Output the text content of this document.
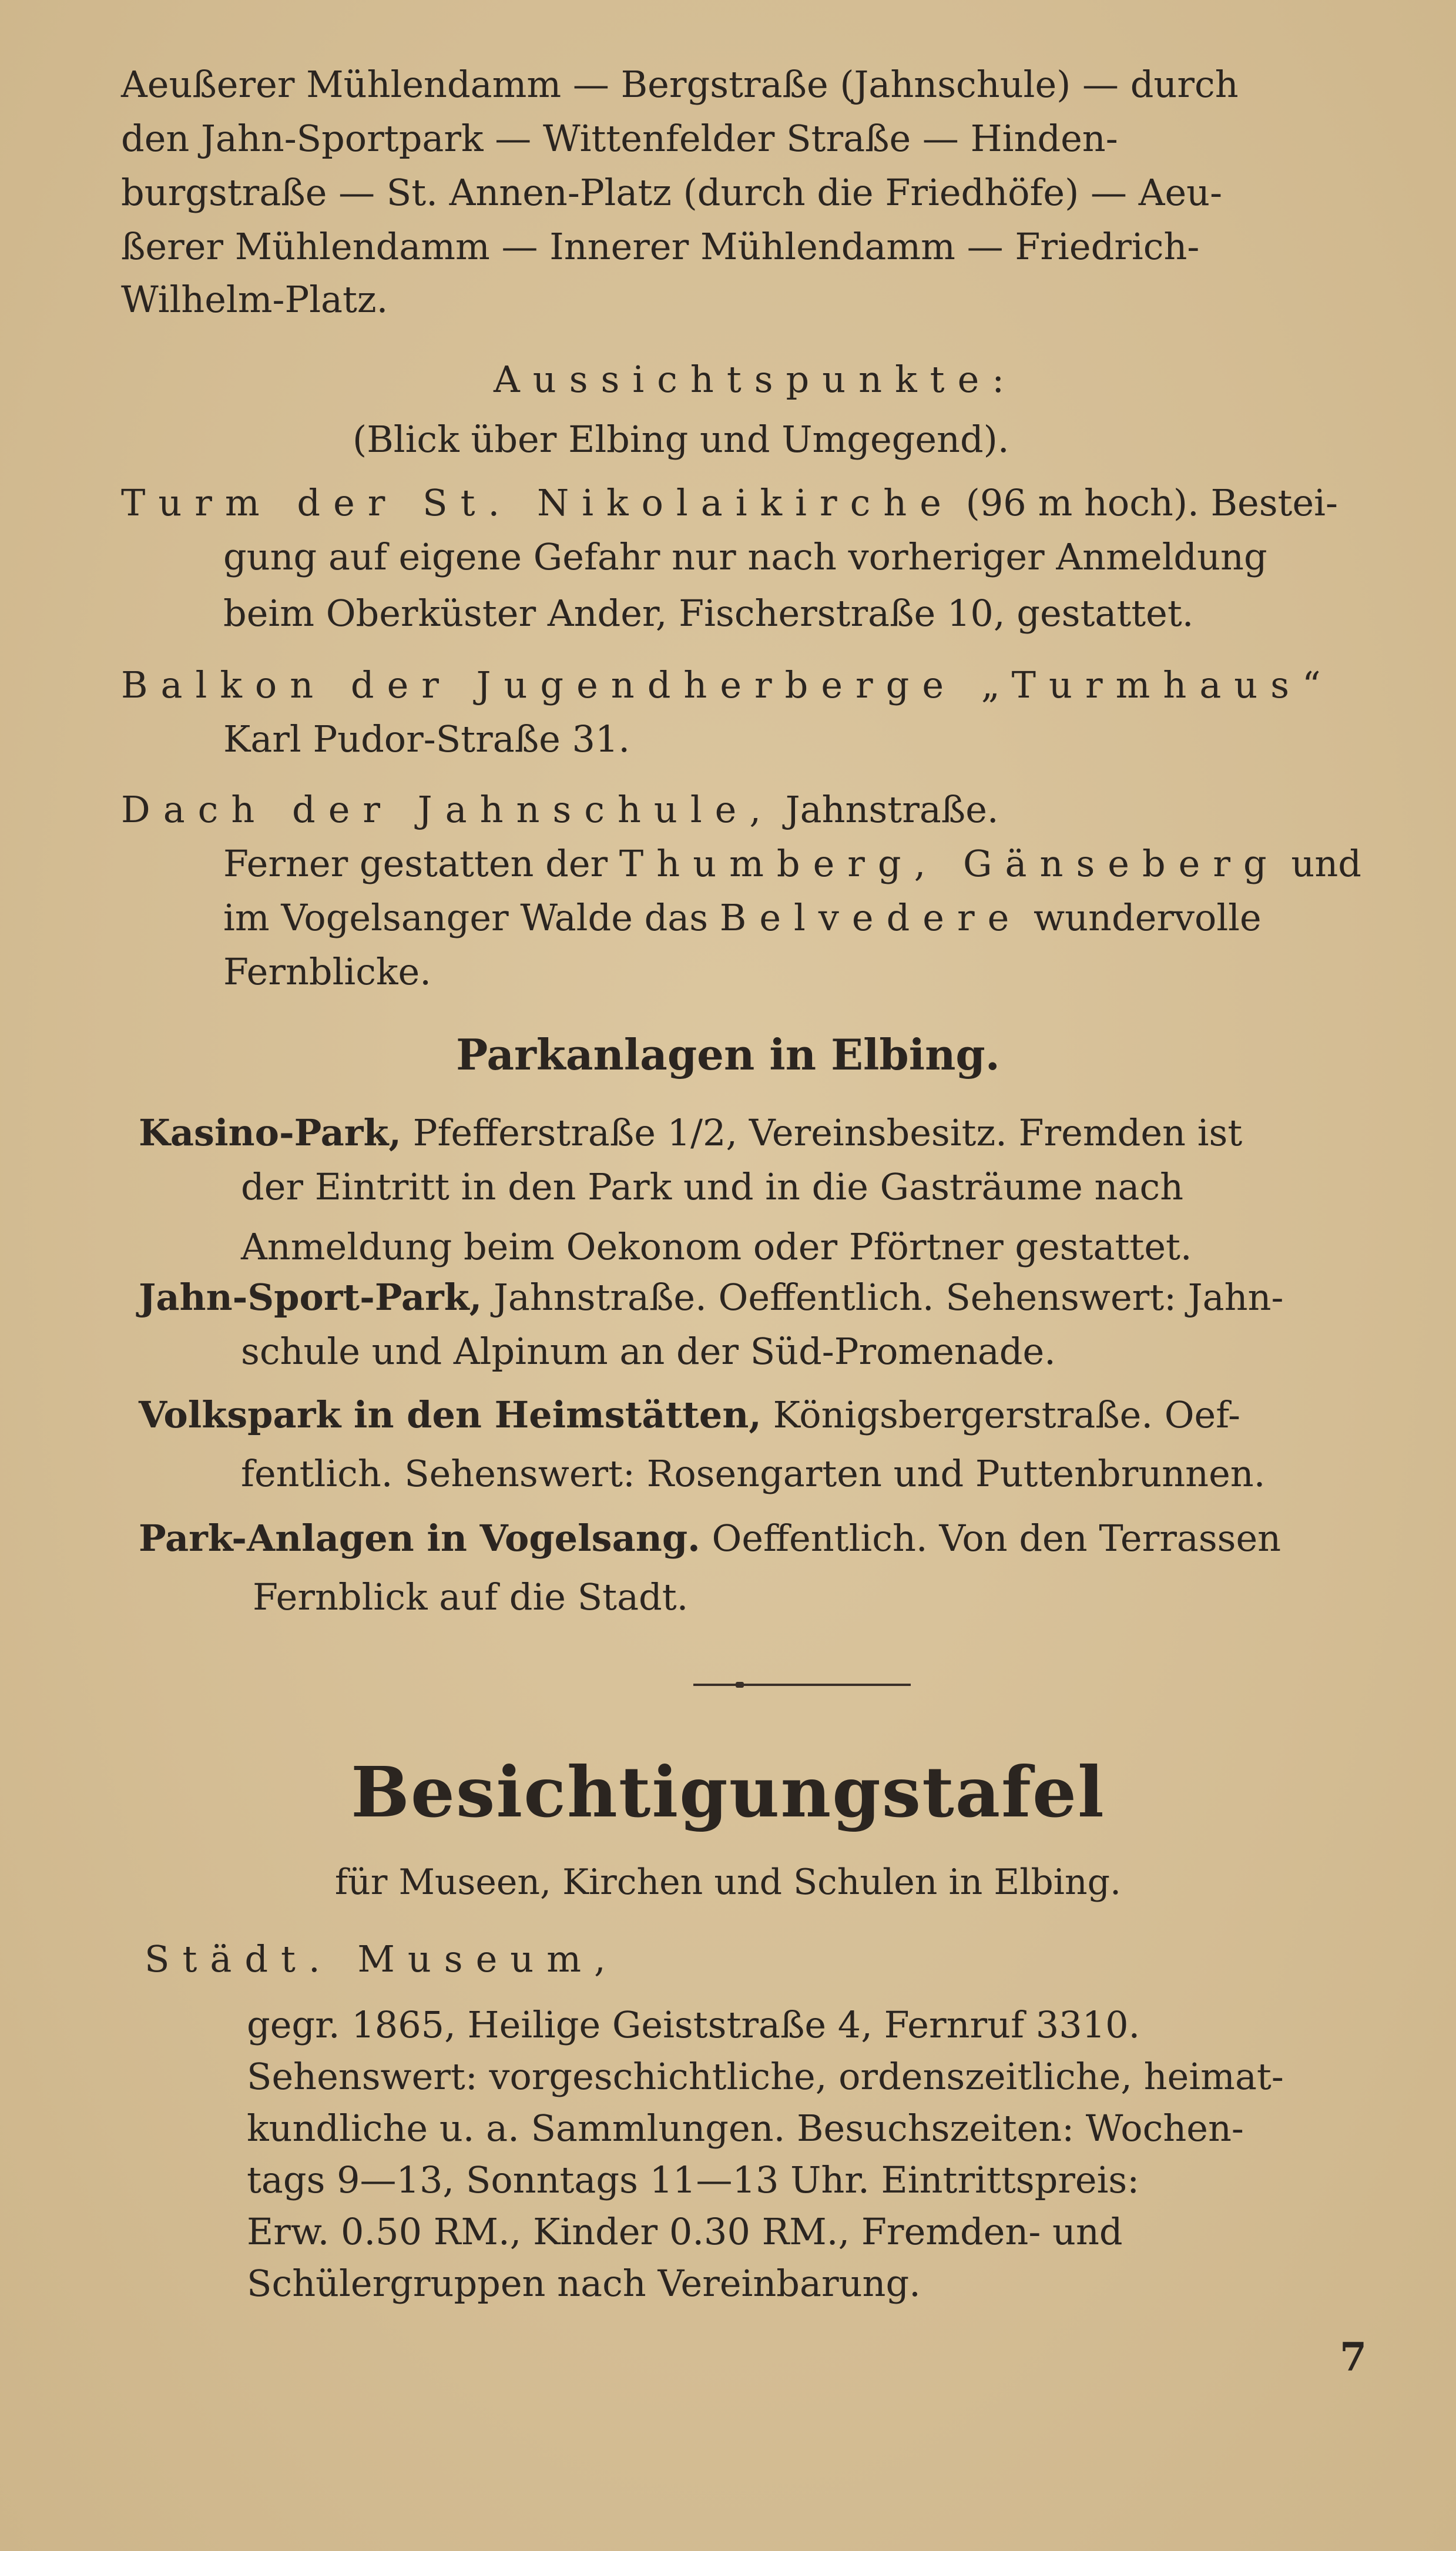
Aeußerer Mühlendamm — Bergstraße (Jahnschule) — durch

den Jahn-Sportpark — Wittenfelder Straße — Hinden-

burgstraße — St. Annen-Platz (durch die Friedhöfe) — Aeu-

ßerer Mühlendamm — Innerer Mühlendamm — Friedrich-

Wilhelm-Platz.

Aussichtspunkte:

(Blick über Elbing und Umgegend).

Turm der St. Nikolaikirche (96 m hoch). Bestei-

gung auf eigene Gefahr nur nach vorheriger Anmeldung

beim Oberküster Ander, Fischerstraße 10, gestattet.

Balkon der Jugendherberge „Turmhaus“

Karl Pudor-Straße 31.

Dach der Jahnschule, Jahnstraße.

Ferner gestatten der Thumberg, Gänseberg und

im Vogelsanger Walde das Belvedere wundervolle

Fernblicke.

Parkanlagen in Elbing.

Kasino-Park, Pfefferstraße 1/2, Vereinsbesitz. Fremden ist

der Eintritt in den Park und in die Gasträume nach

Anmeldung beim Oekonom oder Pförtner gestattet.

Jahn-Sport-Park, Jahnstraße. Oeffentlich. Sehenswert: Jahn-

schule und Alpinum an der Süd-Promenade.

Volkspark in den Heimstätten, Königsbergerstraße. Oef-

fentlich. Sehenswert: Rosengarten und Puttenbrunnen.

Park-Anlagen in Vogelsang. Oeffentlich. Von den Terrassen

Fernblick auf die Stadt.

Besichtigungstafel

für Museen, Kirchen und Schulen in Elbing.

Städt. Museum,

gegr. 1865, Heilige Geiststraße 4, Fernruf 3310.

Sehenswert: vorgeschichtliche, ordenszeitliche, heimat-

kundliche u. a. Sammlungen. Besuchszeiten: Wochen-

tags 9—13, Sonntags 11—13 Uhr. Eintrittspreis:

Erw. 0.50 RM., Kinder 0.30 RM., Fremden- und

Schülergruppen nach Vereinbarung.

7
